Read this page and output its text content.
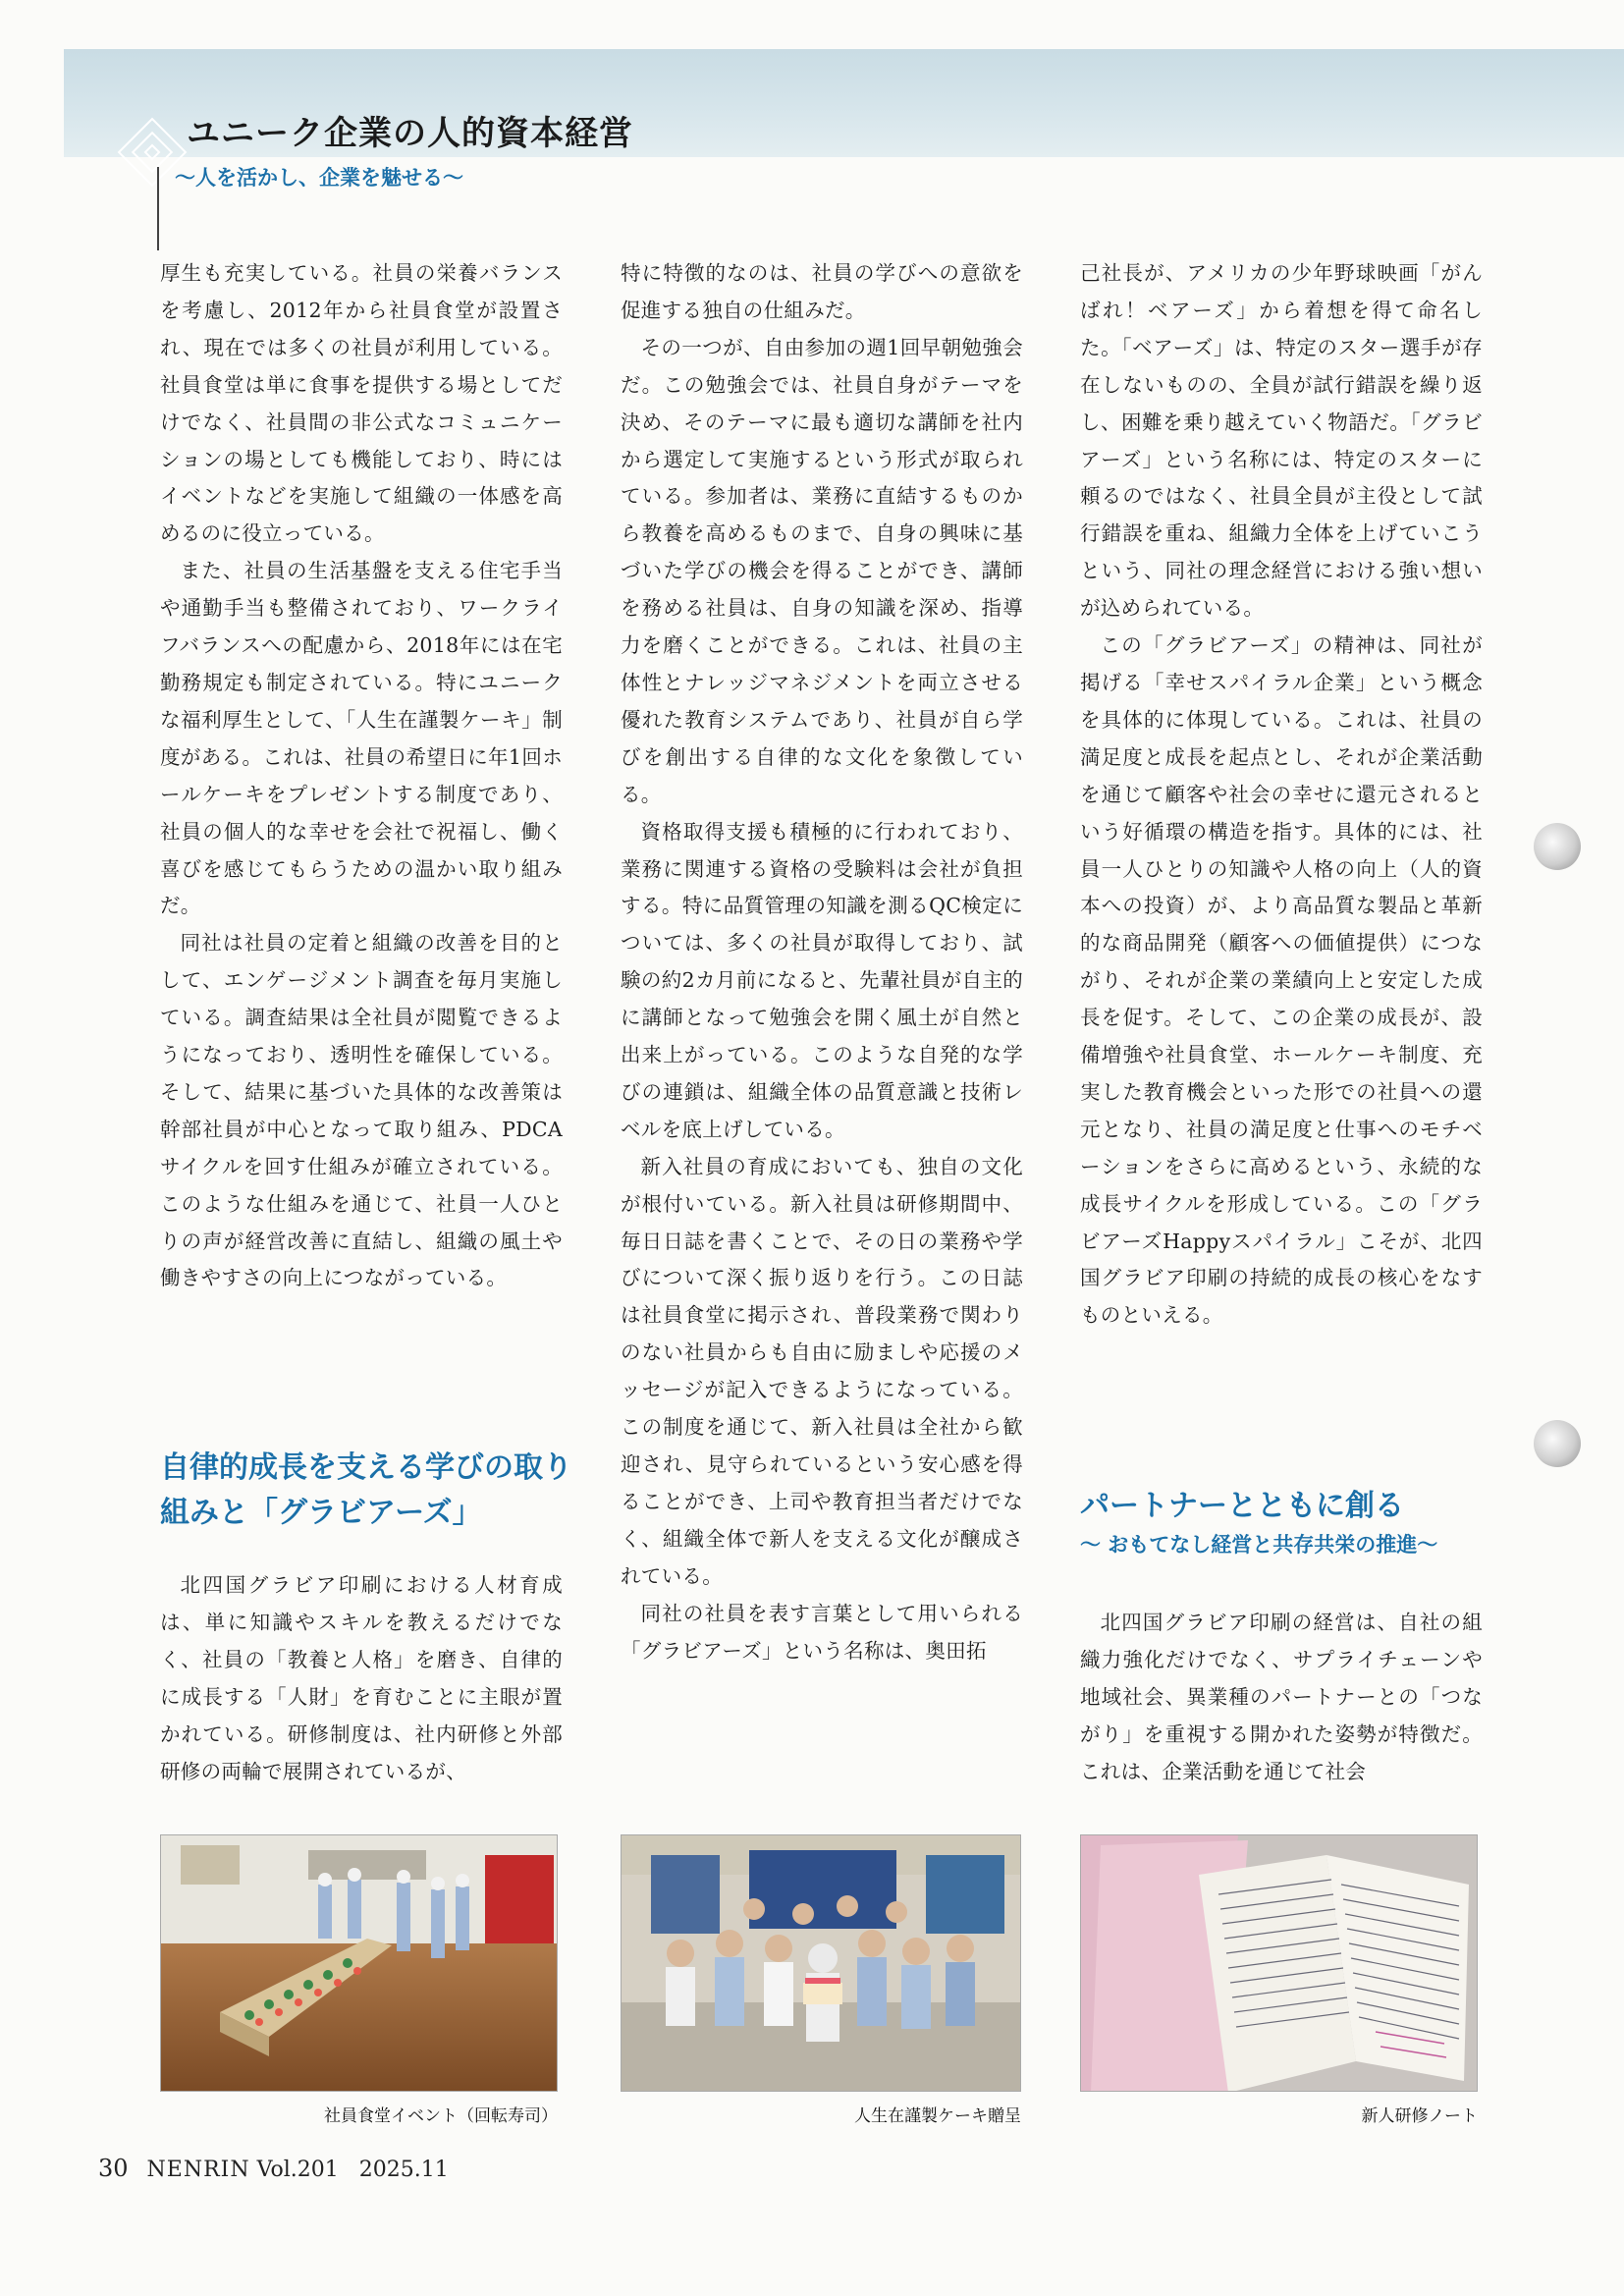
ユニーク企業の人的資本経営
〜人を活かし、企業を魅せる〜

厚生も充実している。社員の栄養バランスを考慮し、2012年から社員食堂が設置され、現在では多くの社員が利用している。社員食堂は単に食事を提供する場としてだけでなく、社員間の非公式なコミュニケーションの場としても機能しており、時にはイベントなどを実施して組織の一体感を高めるのに役立っている。

また、社員の生活基盤を支える住宅手当や通勤手当も整備されており、ワークライフバランスへの配慮から、2018年には在宅勤務規定も制定されている。特にユニークな福利厚生として、「人生在謹製ケーキ」制度がある。これは、社員の希望日に年1回ホールケーキをプレゼントする制度であり、社員の個人的な幸せを会社で祝福し、働く喜びを感じてもらうための温かい取り組みだ。

同社は社員の定着と組織の改善を目的として、エンゲージメント調査を毎月実施している。調査結果は全社員が閲覧できるようになっており、透明性を確保している。そして、結果に基づいた具体的な改善策は幹部社員が中心となって取り組み、PDCAサイクルを回す仕組みが確立されている。このような仕組みを通じて、社員一人ひとりの声が経営改善に直結し、組織の風土や働きやすさの向上につながっている。

自律的成長を支える学びの取り組みと「グラビアーズ」

北四国グラビア印刷における人材育成は、単に知識やスキルを教えるだけでなく、社員の「教養と人格」を磨き、自律的に成長する「人財」を育むことに主眼が置かれている。研修制度は、社内研修と外部研修の両輪で展開されているが、

特に特徴的なのは、社員の学びへの意欲を促進する独自の仕組みだ。

その一つが、自由参加の週1回早朝勉強会だ。この勉強会では、社員自身がテーマを決め、そのテーマに最も適切な講師を社内から選定して実施するという形式が取られている。参加者は、業務に直結するものから教養を高めるものまで、自身の興味に基づいた学びの機会を得ることができ、講師を務める社員は、自身の知識を深め、指導力を磨くことができる。これは、社員の主体性とナレッジマネジメントを両立させる優れた教育システムであり、社員が自ら学びを創出する自律的な文化を象徴している。

資格取得支援も積極的に行われており、業務に関連する資格の受験料は会社が負担する。特に品質管理の知識を測るQC検定については、多くの社員が取得しており、試験の約2カ月前になると、先輩社員が自主的に講師となって勉強会を開く風土が自然と出来上がっている。このような自発的な学びの連鎖は、組織全体の品質意識と技術レベルを底上げしている。

新入社員の育成においても、独自の文化が根付いている。新入社員は研修期間中、毎日日誌を書くことで、その日の業務や学びについて深く振り返りを行う。この日誌は社員食堂に掲示され、普段業務で関わりのない社員からも自由に励ましや応援のメッセージが記入できるようになっている。この制度を通じて、新入社員は全社から歓迎され、見守られているという安心感を得ることができ、上司や教育担当者だけでなく、組織全体で新人を支える文化が醸成されている。

同社の社員を表す言葉として用いられる「グラビアーズ」という名称は、奥田拓

己社長が、アメリカの少年野球映画「がんばれ！ベアーズ」から着想を得て命名した。「ベアーズ」は、特定のスター選手が存在しないものの、全員が試行錯誤を繰り返し、困難を乗り越えていく物語だ。「グラビアーズ」という名称には、特定のスターに頼るのではなく、社員全員が主役として試行錯誤を重ね、組織力全体を上げていこうという、同社の理念経営における強い想いが込められている。

この「グラビアーズ」の精神は、同社が掲げる「幸せスパイラル企業」という概念を具体的に体現している。これは、社員の満足度と成長を起点とし、それが企業活動を通じて顧客や社会の幸せに還元されるという好循環の構造を指す。具体的には、社員一人ひとりの知識や人格の向上（人的資本への投資）が、より高品質な製品と革新的な商品開発（顧客への価値提供）につながり、それが企業の業績向上と安定した成長を促す。そして、この企業の成長が、設備増強や社員食堂、ホールケーキ制度、充実した教育機会といった形での社員への還元となり、社員の満足度と仕事へのモチベーションをさらに高めるという、永続的な成長サイクルを形成している。この「グラビアーズHappyスパイラル」こそが、北四国グラビア印刷の持続的成長の核心をなすものといえる。

パートナーとともに創る
〜 おもてなし経営と共存共栄の推進〜

北四国グラビア印刷の経営は、自社の組織力強化だけでなく、サプライチェーンや地域社会、異業種のパートナーとの「つながり」を重視する開かれた姿勢が特徴だ。これは、企業活動を通じて社会

社員食堂イベント（回転寿司）	人生在謹製ケーキ贈呈	新人研修ノート
30 NENRIN Vol.201 2025.11
